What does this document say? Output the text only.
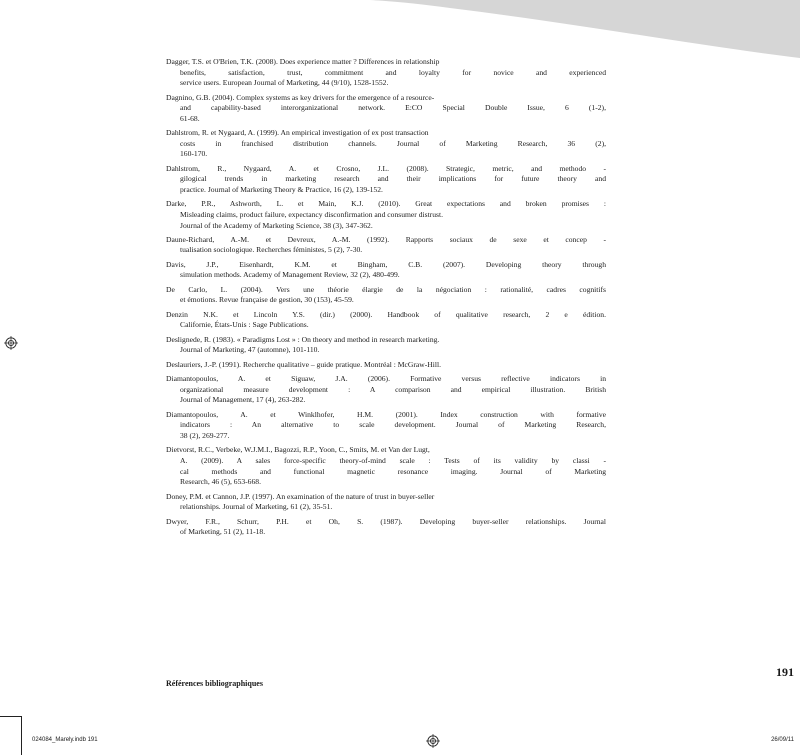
Dagger, T.S. et O'Brien, T.K. (2008). Does experience matter ? Differences in relationship
benefits, satisfaction, trust, commitment and loyalty for novice and experienced
service users. European Journal of Marketing, 44 (9/10), 1528-1552.
Dagnino, G.B. (2004). Complex systems as key drivers for the emergence of a resource-
and capability-based interorganizational network. E:CO Special Double Issue, 6 (1-2),
61-68.
Dahlstrom, R. et Nygaard, A. (1999). An empirical investigation of ex post transaction
costs in franchised distribution channels. Journal of Marketing Research, 36 (2),
160-170.
Dahlstrom, R., Nygaard, A. et Crosno, J.L. (2008). Strategic, metric, and methodo -
gilogical trends in marketing research and their implications for future theory and
practice. Journal of Marketing Theory & Practice, 16 (2), 139-152.
Darke, P.R., Ashworth, L. et Main, K.J. (2010). Great expectations and broken promises :
Misleading claims, product failure, expectancy disconfirmation and consumer distrust.
Journal of the Academy of Marketing Science, 38 (3), 347-362.
Daune-Richard, A.-M. et Devreux, A.-M. (1992). Rapports sociaux de sexe et concep -
tualisation sociologique. Recherches féministes, 5 (2), 7-30.
Davis, J.P., Eisenhardt, K.M. et Bingham, C.B. (2007). Developing theory through
simulation methods. Academy of Management Review, 32 (2), 480-499.
De Carlo, L. (2004). Vers une théorie élargie de la négociation : rationalité, cadres cognitifs
et émotions. Revue française de gestion, 30 (153), 45-59.
Denzin N.K. et Lincoln Y.S. (dir.) (2000). Handbook of qualitative research, 2 e édition.
Californie, États-Unis : Sage Publications.
Deslignede, R. (1983). « Paradigms Lost » : On theory and method in research marketing.
Journal of Marketing, 47 (automne), 101-110.
Deslauriers, J.-P. (1991). Recherche qualitative – guide pratique. Montréal : McGraw-Hill.
Diamantopoulos, A. et Siguaw, J.A. (2006). Formative versus reflective indicators in
organizational measure development : A comparison and empirical illustration. British
Journal of Management, 17 (4), 263-282.
Diamantopoulos, A. et Winklhofer, H.M. (2001). Index construction with formative
indicators : An alternative to scale development. Journal of Marketing Research,
38 (2), 269-277.
Dietvorst, R.C., Verbeke, W.J.M.I., Bagozzi, R.P., Yoon, C., Smits, M. et Van der Lugt,
A. (2009). A sales force-specific theory-of-mind scale : Tests of its validity by classi -
cal methods and functional magnetic resonance imaging. Journal of Marketing
Research, 46 (5), 653-668.
Doney, P.M. et Cannon, J.P. (1997). An examination of the nature of trust in buyer-seller
relationships. Journal of Marketing, 61 (2), 35-51.
Dwyer, F.R., Schurr, P.H. et Oh, S. (1987). Developing buyer-seller relationships. Journal
of Marketing, 51 (2), 11-18.
191
Références bibliographiques
024084_Marely.indb 191	26/09/11
